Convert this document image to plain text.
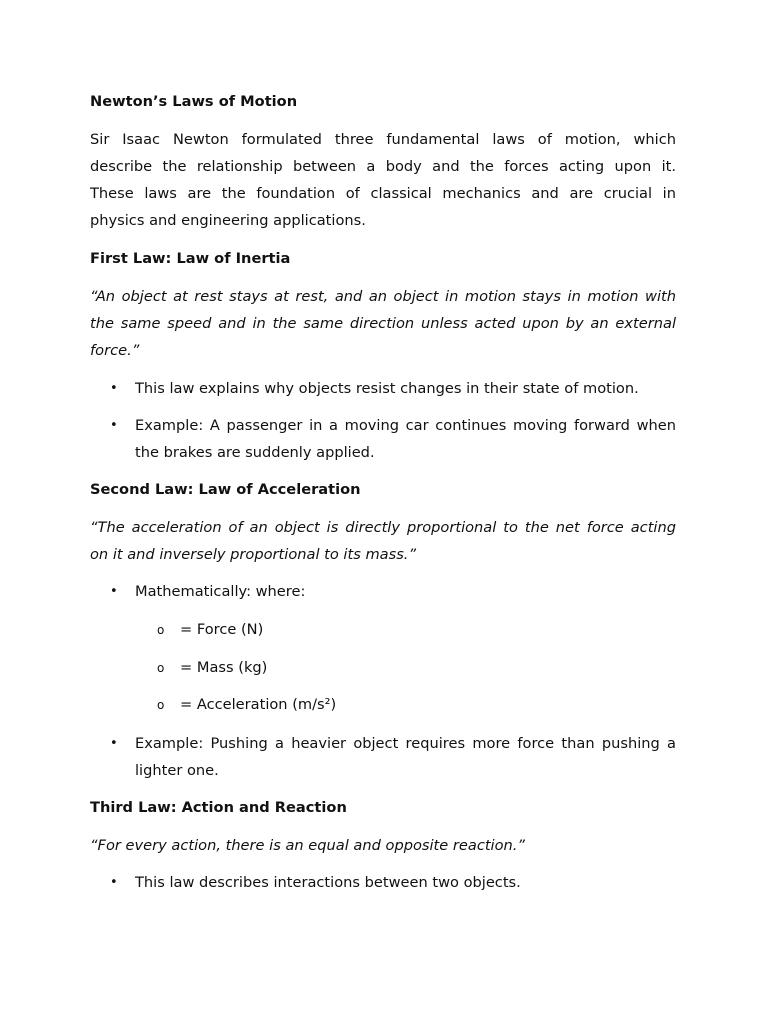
Newton’s Laws of Motion

Sir Isaac Newton formulated three fundamental laws of motion, which
describe the relationship between a body and the forces acting upon it.
These laws are the foundation of classical mechanics and are crucial in
physics and engineering applications.

First Law: Law of Inertia

“An object at rest stays at rest, and an object in motion stays in motion with
the same speed and in the same direction unless acted upon by an external
force.”
• This law explains why objects resist changes in their state of motion.
• Example: A passenger in a moving car continues moving forward when
the brakes are suddenly applied.

Second Law: Law of Acceleration

“The acceleration of an object is directly proportional to the net force acting
on it and inversely proportional to its mass.”
• Mathematically: where:
o = Force (N)
o = Mass (kg)
o = Acceleration (m/s²)
• Example: Pushing a heavier object requires more force than pushing a
lighter one.

Third Law: Action and Reaction

“For every action, there is an equal and opposite reaction.”

• This law describes interactions between two objects.
